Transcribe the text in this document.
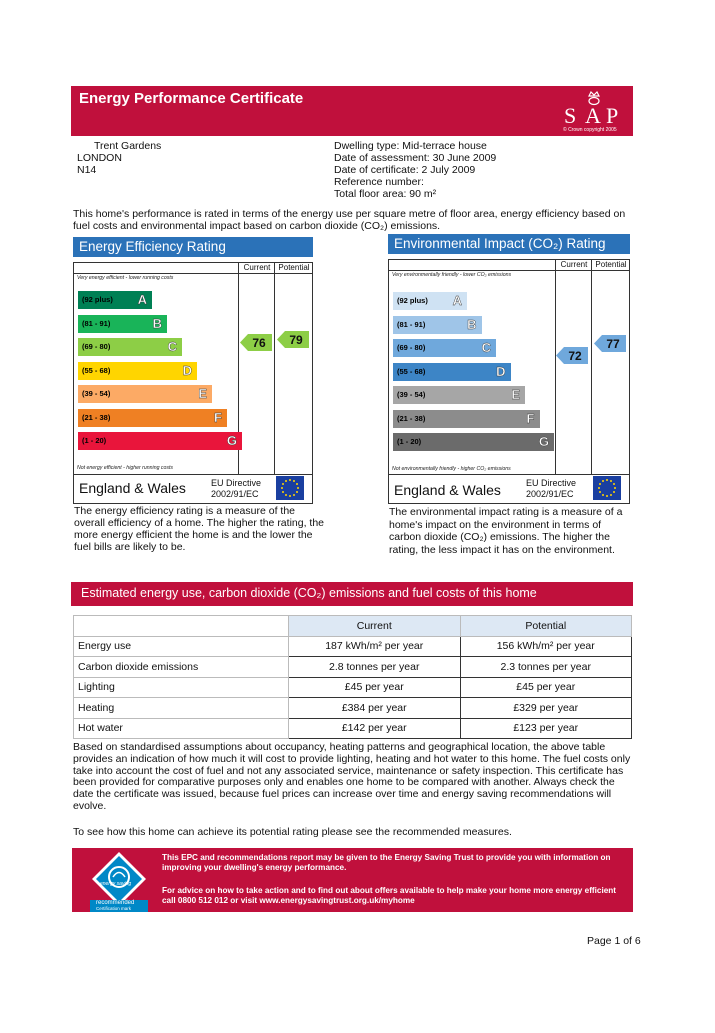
Energy Performance Certificate
S A P
© Crown copyright 2005
Trent Gardens
LONDON
N14
Dwelling type: Mid-terrace house
Date of assessment: 30 June 2009
Date of certificate: 2 July 2009
Reference number:
Total floor area: 90 m²
This home's performance is rated in terms of the energy use per square metre of floor area, energy efficiency based on fuel costs and environmental impact based on carbon dioxide (CO₂) emissions.
Energy Efficiency Rating
Current	Potential
Very energy efficient - lower running costs
(92 plus) A
(81 - 91)	B
(69 - 80)	C
(55 - 68)	D
(39 - 54)	E
(21 - 38)	F
(1 - 20)	G
Not energy efficient - higher running costs
76 79
England & Wales	EU Directive
2002/91/EC
The energy efficiency rating is a measure of the overall efficiency of a home. The higher the rating, the more energy efficient the home is and the lower the fuel bills are likely to be.
Environmental Impact (CO₂) Rating
Current	Potential
Very environmentally friendly - lower CO₂ emissions
(92 plus) A
(81 - 91)	B
(69 - 80)	C
(55 - 68)	D
(39 - 54)	E
(21 - 38)	F
(1 - 20)	G
Not environmentally friendly - higher CO₂ emissions
72
77
England & Wales	EU Directive
2002/91/EC
The environmental impact rating is a measure of a home's impact on the environment in terms of carbon dioxide (CO₂) emissions. The higher the rating, the less impact it has on the environment.
Estimated energy use, carbon dioxide (CO₂) emissions and fuel costs of this home
	Current	Potential
Energy use	187 kWh/m² per year	156 kWh/m² per year
Carbon dioxide emissions	2.8 tonnes per year	2.3 tonnes per year
Lighting	£45 per year	£45 per year
Heating	£384 per year	£329 per year
Hot water	£142 per year	£123 per year
Based on standardised assumptions about occupancy, heating patterns and geographical location, the above table provides an indication of how much it will cost to provide lighting, heating and hot water to this home. The fuel costs only take into account the cost of fuel and not any associated service, maintenance or safety inspection. This certificate has been provided for comparative purposes only and enables one home to be compared with another. Always check the date the certificate was issued, because fuel prices can increase over time and energy saving recommendations will evolve.
To see how this home can achieve its potential rating please see the recommended measures.
energy saving
recommended
Certification mark
This EPC and recommendations report may be given to the Energy Saving Trust to provide you with information on improving your dwelling's energy performance.
For advice on how to take action and to find out about offers available to help make your home more energy efficient call 0800 512 012 or visit www.energysavingtrust.org.uk/myhome
Page 1 of 6
